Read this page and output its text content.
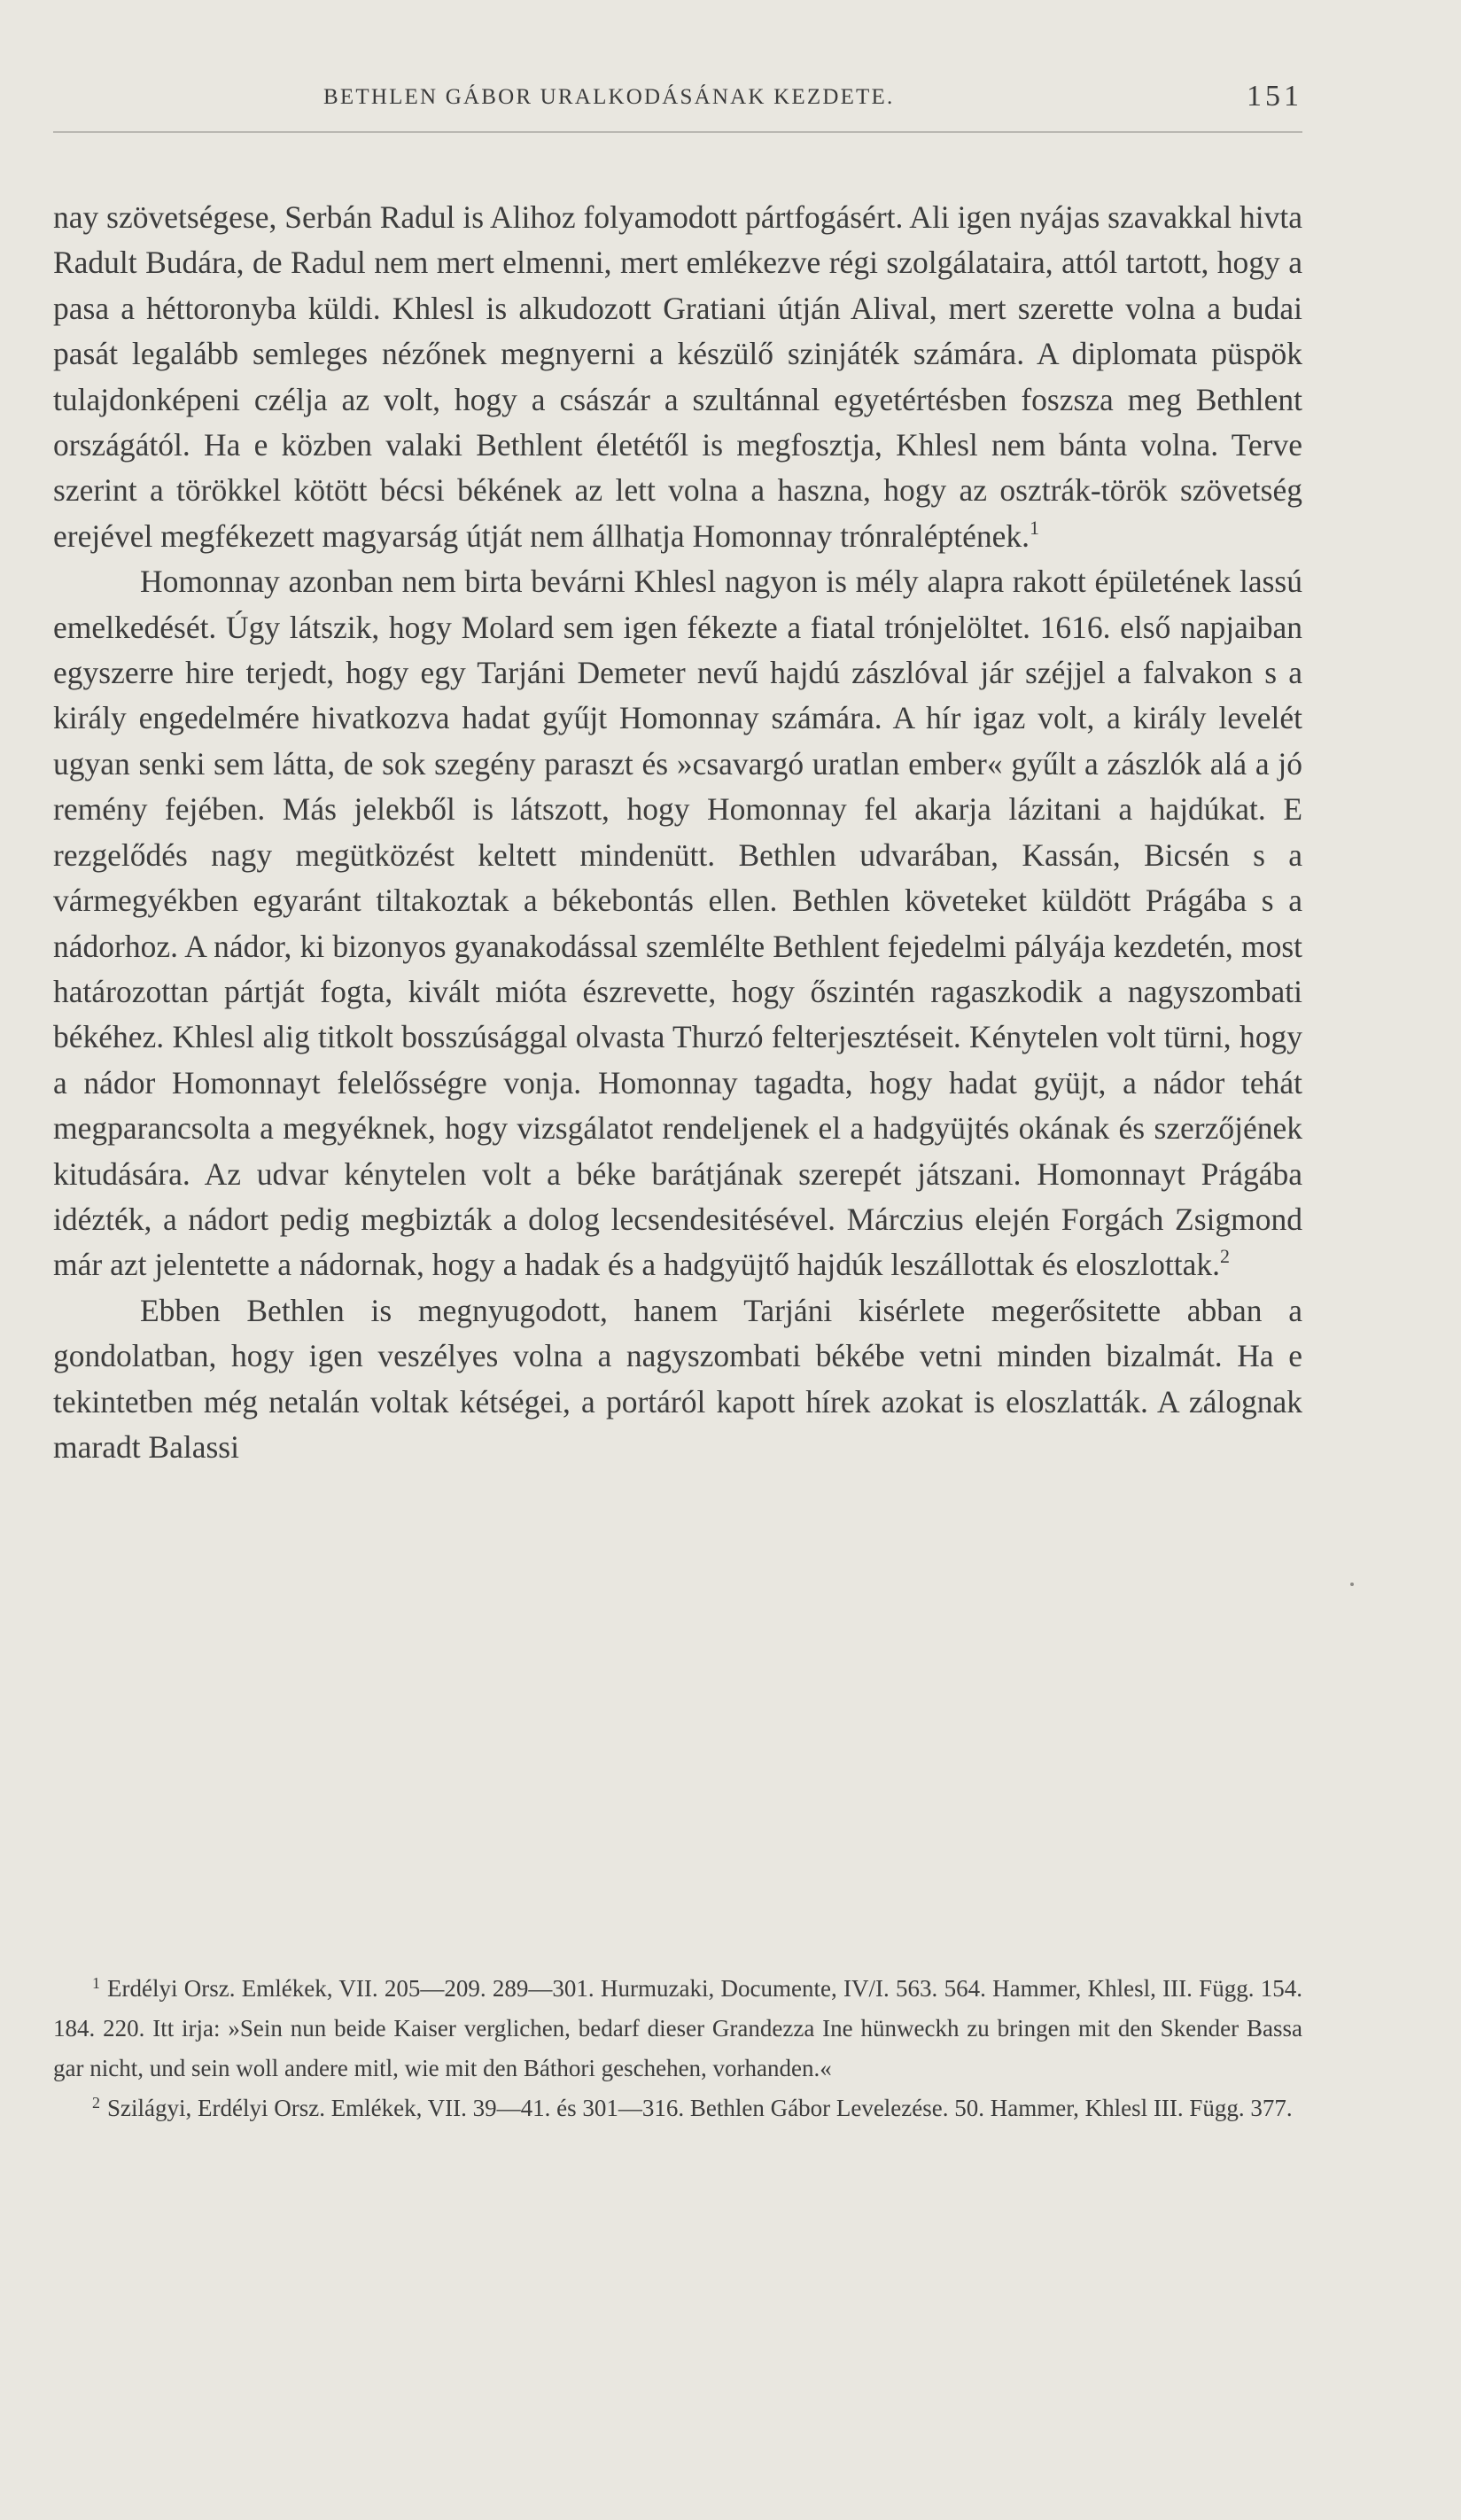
BETHLEN GÁBOR URALKODÁSÁNAK KEZDETE.	151

nay szövetségese, Serbán Radul is Alihoz folyamodott pártfogásért. Ali igen nyájas szavakkal hivta Radult Budára, de Radul nem mert elmenni, mert emlékezve régi szolgálataira, attól tartott, hogy a pasa a héttoronyba küldi. Khlesl is alkudozott Gratiani útján Alival, mert szerette volna a budai pasát legalább semleges nézőnek megnyerni a készülő szinjáték számára. A diplomata püspök tulajdonképeni czélja az volt, hogy a császár a szultánnal egyetértésben foszsza meg Bethlent országától. Ha e közben valaki Bethlent életétől is megfosztja, Khlesl nem bánta volna. Terve szerint a törökkel kötött bécsi békének az lett volna a haszna, hogy az osztrák-török szövetség erejével megfékezett magyarság útját nem állhatja Homonnay trónraléptének.$^1$

Homonnay azonban nem birta bevárni Khlesl nagyon is mély alapra rakott épületének lassú emelkedését. Úgy látszik, hogy Molard sem igen fékezte a fiatal trónjelöltet. 1616. első napjaiban egyszerre hire terjedt, hogy egy Tarjáni Demeter nevű hajdú zászlóval jár széjjel a falvakon s a király engedelmére hivatkozva hadat gyűjt Homonnay számára. A hír igaz volt, a király levelét ugyan senki sem látta, de sok szegény paraszt és »csavargó uratlan ember« gyűlt a zászlók alá a jó remény fejében. Más jelekből is látszott, hogy Homonnay fel akarja lázitani a hajdúkat. E rezgelődés nagy megütközést keltett mindenütt. Bethlen udvarában, Kassán, Bicsén s a vármegyékben egyaránt tiltakoztak a békebontás ellen. Bethlen követeket küldött Prágába s a nádorhoz. A nádor, ki bizonyos gyanakodással szemlélte Bethlent fejedelmi pályája kezdetén, most határozottan pártját fogta, kivált mióta észrevette, hogy őszintén ragaszkodik a nagyszombati békéhez. Khlesl alig titkolt bosszúsággal olvasta Thurzó felterjesztéseit. Kénytelen volt türni, hogy a nádor Homonnayt felelősségre vonja. Homonnay tagadta, hogy hadat gyüjt, a nádor tehát megparancsolta a megyéknek, hogy vizsgálatot rendeljenek el a hadgyüjtés okának és szerzőjének kitudására. Az udvar kénytelen volt a béke barátjának szerepét játszani. Homonnayt Prágába idézték, a nádort pedig megbizták a dolog lecsendesitésével. Márczius elején Forgách Zsigmond már azt jelentette a nádornak, hogy a hadak és a hadgyüjtő hajdúk leszállottak és eloszlottak.$^2$

Ebben Bethlen is megnyugodott, hanem Tarjáni kisérlete megerősitette abban a gondolatban, hogy igen veszélyes volna a nagyszombati békébe vetni minden bizalmát. Ha e tekintetben még netalán voltak kétségei, a portáról kapott hírek azokat is eloszlatták. A zálognak maradt Balassi

$^1$ Erdélyi Orsz. Emlékek, VII. 205—209. 289—301. Hurmuzaki, Documente, IV/I. 563. 564. Hammer, Khlesl, III. Függ. 154. 184. 220. Itt irja: »Sein nun beide Kaiser verglichen, bedarf dieser Grandezza Ine hünweckh zu bringen mit den Skender Bassa gar nicht, und sein woll andere mitl, wie mit den Báthori geschehen, vorhanden.«

$^2$ Szilágyi, Erdélyi Orsz. Emlékek, VII. 39—41. és 301—316. Bethlen Gábor Levelezése. 50. Hammer, Khlesl III. Függ. 377.
